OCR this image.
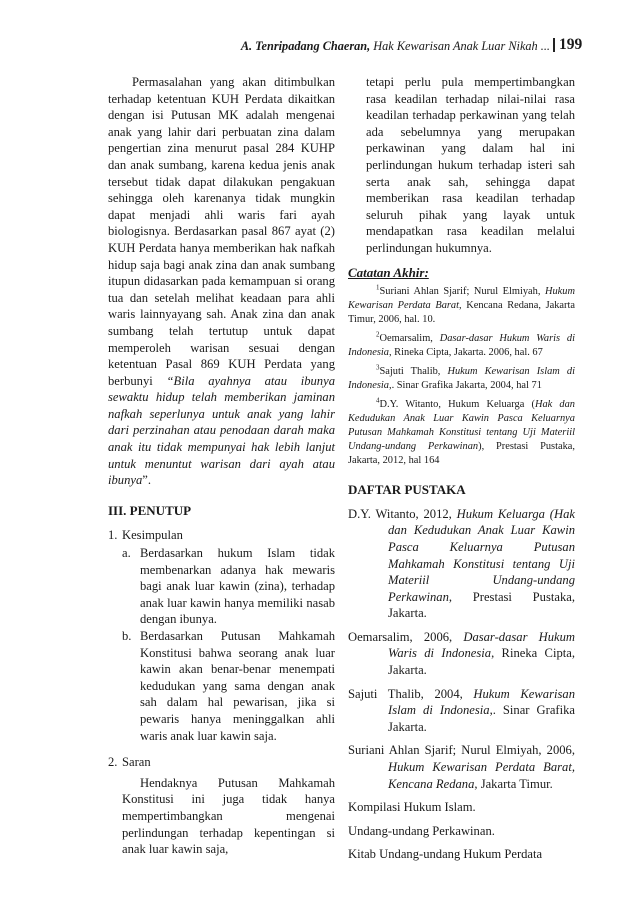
A. Tenripadang Chaeran, Hak Kewarisan Anak Luar Nikah ... 199

Permasalahan yang akan ditimbulkan terhadap ketentuan KUH Perdata dikaitkan dengan isi Putusan MK adalah mengenai anak yang lahir dari perbuatan zina dalam pengertian zina menurut pasal 284 KUHP dan anak sumbang, karena kedua jenis anak tersebut tidak dapat dilakukan pengakuan sehingga oleh karenanya tidak mungkin dapat menjadi ahli waris fari ayah biologisnya. Berdasarkan pasal 867 ayat (2) KUH Perdata hanya memberikan hak nafkah hidup saja bagi anak zina dan anak sumbang itupun didasarkan pada kemampuan si orang tua dan setelah melihat keadaan para ahli waris lainnyayang sah. Anak zina dan anak sumbang telah tertutup untuk dapat memperoleh warisan sesuai dengan ketentuan Pasal 869 KUH Perdata yang berbunyi “Bila ayahnya atau ibunya sewaktu hidup telah memberikan jaminan nafkah seperlunya untuk anak yang lahir dari perzinahan atau penodaan darah maka anak itu tidak mempunyai hak lebih lanjut untuk menuntut warisan dari ayah atau ibunya”.

III. PENUTUP
1. Kesimpulan
a. Berdasarkan hukum Islam tidak membenarkan adanya hak mewaris bagi anak luar kawin (zina), terhadap anak luar kawin hanya memiliki nasab dengan ibunya.
b. Berdasarkan Putusan Mahkamah Konstitusi bahwa seorang anak luar kawin akan benar-benar menempati kedudukan yang sama dengan anak sah dalam hal pewarisan, jika si pewaris hanya meninggalkan ahli waris anak luar kawin saja.
2. Saran

Hendaknya Putusan Mahkamah Konstitusi ini juga tidak hanya mempertimbangkan mengenai perlindungan terhadap kepentingan si anak luar kawin saja,

tetapi perlu pula mempertimbangkan rasa keadilan terhadap nilai-nilai rasa keadilan terhadap perkawinan yang telah ada sebelumnya yang merupakan perkawinan yang dalam hal ini perlindungan hukum terhadap isteri sah serta anak sah, sehingga dapat memberikan rasa keadilan terhadap seluruh pihak yang layak untuk mendapatkan rasa keadilan melalui perlindungan hukumnya.

Catatan Akhir:

$^1$Suriani Ahlan Sjarif; Nurul Elmiyah, Hukum Kewarisan Perdata Barat, Kencana Redana, Jakarta Timur, 2006, hal. 10.

$^2$Oemarsalim, Dasar-dasar Hukum Waris di Indonesia, Rineka Cipta, Jakarta. 2006, hal. 67

$^3$Sajuti Thalib, Hukum Kewarisan Islam di Indonesia,. Sinar Grafika Jakarta, 2004, hal 71

$^4$D.Y. Witanto, Hukum Keluarga (Hak dan Kedudukan Anak Luar Kawin Pasca Keluarnya Putusan Mahkamah Konstitusi tentang Uji Materiil Undang-undang Perkawinan), Prestasi Pustaka, Jakarta, 2012, hal 164

DAFTAR PUSTAKA

D.Y. Witanto, 2012, Hukum Keluarga (Hak dan Kedudukan Anak Luar Kawin Pasca Keluarnya Putusan Mahkamah Konstitusi tentang Uji Materiil Undang-undang Perkawinan, Prestasi Pustaka, Jakarta.

Oemarsalim, 2006, Dasar-dasar Hukum Waris di Indonesia, Rineka Cipta, Jakarta.

Sajuti Thalib, 2004, Hukum Kewarisan Islam di Indonesia,. Sinar Grafika Jakarta.

Suriani Ahlan Sjarif; Nurul Elmiyah, 2006, Hukum Kewarisan Perdata Barat, Kencana Redana, Jakarta Timur.

Kompilasi Hukum Islam.

Undang-undang Perkawinan.

Kitab Undang-undang Hukum Perdata
